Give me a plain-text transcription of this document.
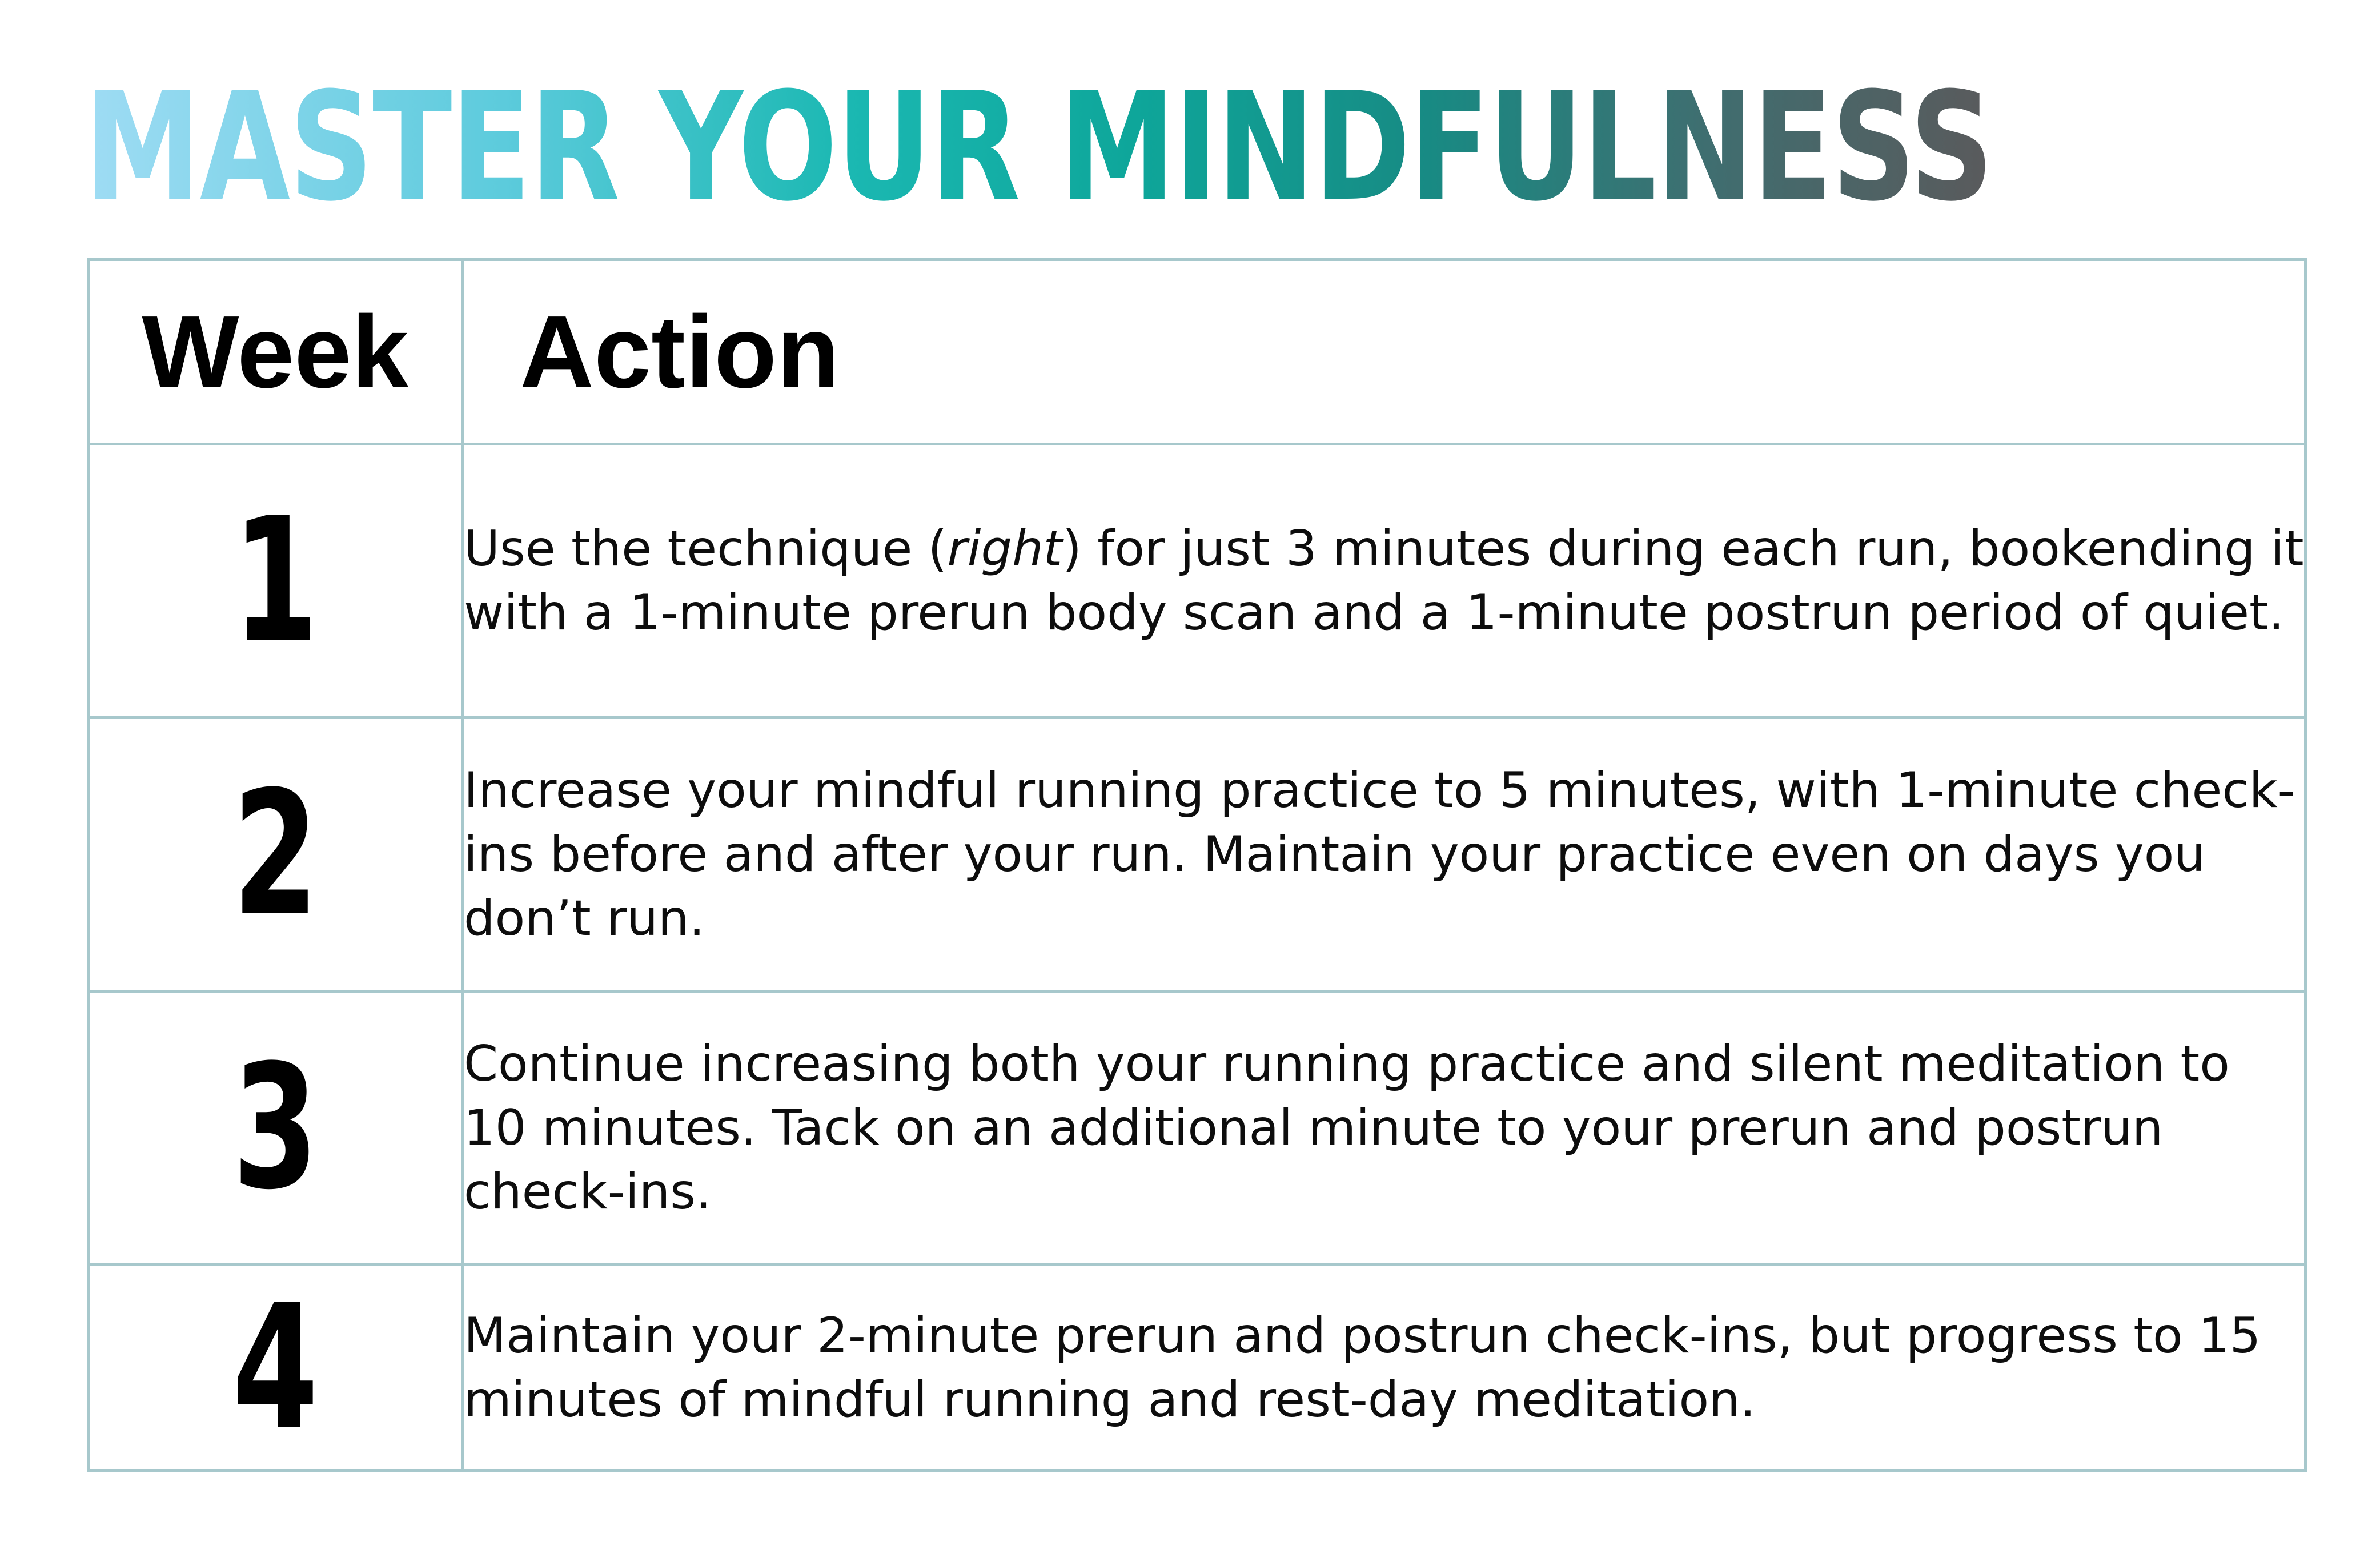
MASTER YOUR MINDFULNESS
Week	Action
1	Use the technique (right) for just 3 minutes during each run, bookending it with a 1-minute prerun body scan and a 1-minute postrun period of quiet.
2	Increase your mindful running practice to 5 minutes, with 1-minute check-ins before and after your run. Maintain your practice even on days you don’t run.
3	Continue increasing both your running practice and silent meditation to 10 minutes. Tack on an additional minute to your prerun and postrun check-ins.
4	Maintain your 2-minute prerun and postrun check-ins, but progress to 15 minutes of mindful running and rest-day meditation.
